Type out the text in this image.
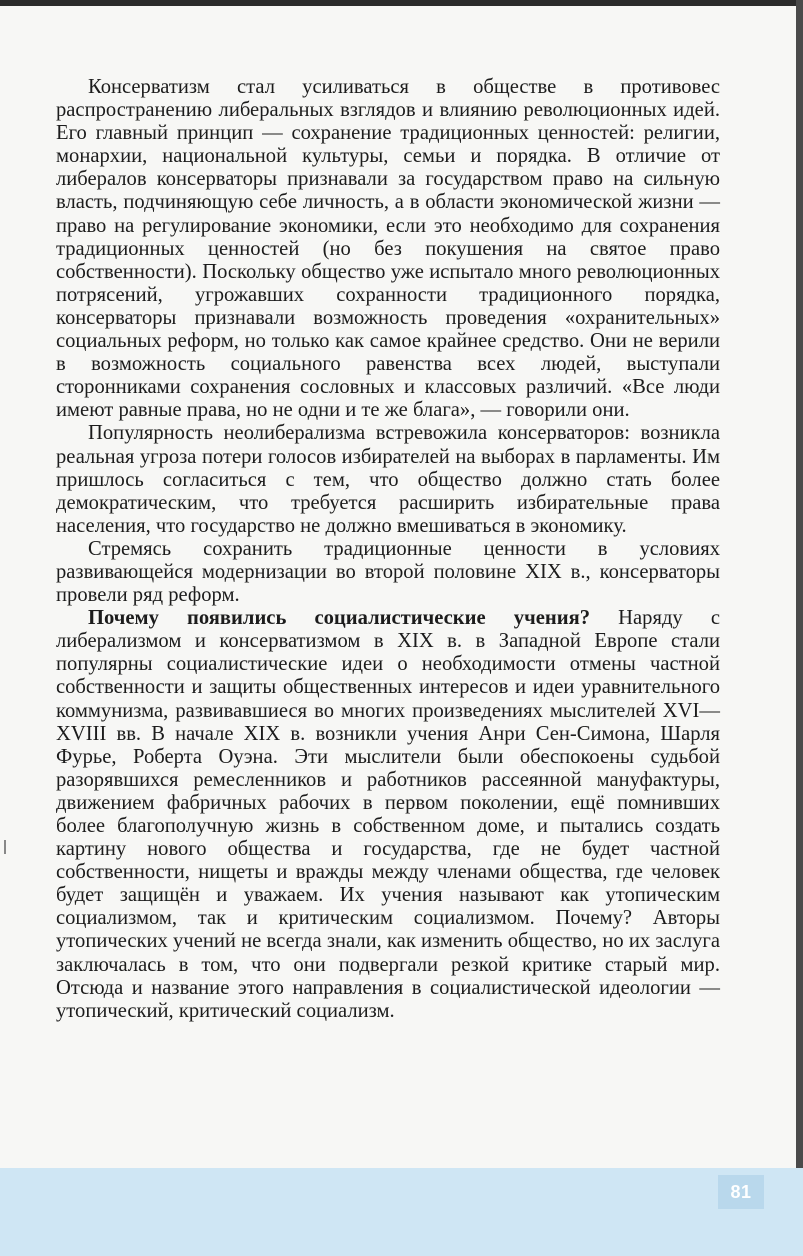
Консерватизм стал усиливаться в обществе в противовес распространению либеральных взглядов и влиянию революционных идей. Его главный принцип — сохранение традиционных ценностей: религии, монархии, национальной культуры, семьи и порядка. В отличие от либералов консерваторы признавали за государством право на сильную власть, подчиняющую себе личность, а в области экономической жизни — право на регулирование экономики, если это необходимо для сохранения традиционных ценностей (но без покушения на святое право собственности). Поскольку общество уже испытало много революционных потрясений, угрожавших сохранности традиционного порядка, консерваторы признавали возможность проведения «охранительных» социальных реформ, но только как самое крайнее средство. Они не верили в возможность социального равенства всех людей, выступали сторонниками сохранения сословных и классовых различий. «Все люди имеют равные права, но не одни и те же блага», — говорили они.

Популярность неолиберализма встревожила консерваторов: возникла реальная угроза потери голосов избирателей на выборах в парламенты. Им пришлось согласиться с тем, что общество должно стать более демократическим, что требуется расширить избирательные права населения, что государство не должно вмешиваться в экономику.

Стремясь сохранить традиционные ценности в условиях развивающейся модернизации во второй половине XIX в., консерваторы провели ряд реформ.

Почему появились социалистические учения? Наряду с либерализмом и консерватизмом в XIX в. в Западной Европе стали популярны социалистические идеи о необходимости отмены частной собственности и защиты общественных интересов и идеи уравнительного коммунизма, развивавшиеся во многих произведениях мыслителей XVI—XVIII вв. В начале XIX в. возникли учения Анри Сен-Симона, Шарля Фурье, Роберта Оуэна. Эти мыслители были обеспокоены судьбой разорявшихся ремесленников и работников рассеянной мануфактуры, движением фабричных рабочих в первом поколении, ещё помнивших более благополучную жизнь в собственном доме, и пытались создать картину нового общества и государства, где не будет частной собственности, нищеты и вражды между членами общества, где человек будет защищён и уважаем. Их учения называют как утопическим социализмом, так и критическим социализмом. Почему? Авторы утопических учений не всегда знали, как изменить общество, но их заслуга заключалась в том, что они подвергали резкой критике старый мир. Отсюда и название этого направления в социалистической идеологии — утопический, критический социализм.

81
